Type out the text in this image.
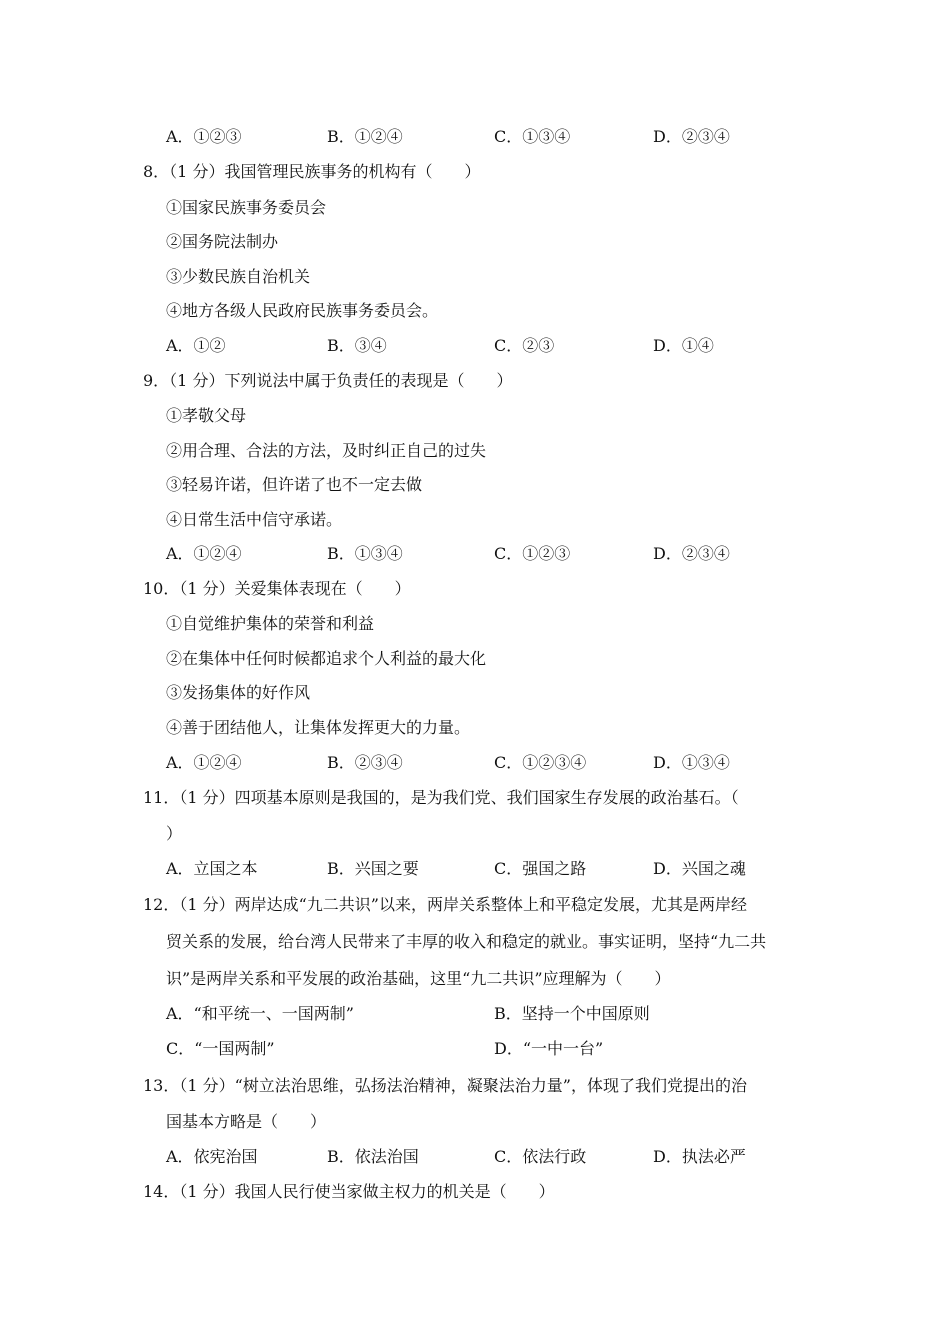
A．①②③	B．①②④	C．①③④	D．②③④
8．（1 分）我国管理民族事务的机构有（　　）
①国家民族事务委员会
②国务院法制办
③少数民族自治机关
④地方各级人民政府民族事务委员会。
A．①②	B．③④	C．②③	D．①④
9．（1 分）下列说法中属于负责任的表现是（　　）
①孝敬父母
②用合理、合法的方法，及时纠正自己的过失
③轻易许诺，但许诺了也不一定去做
④日常生活中信守承诺。
A．①②④	B．①③④	C．①②③	D．②③④
10．（1 分）关爱集体表现在（　　）
①自觉维护集体的荣誉和利益
②在集体中任何时候都追求个人利益的最大化
③发扬集体的好作风
④善于团结他人，让集体发挥更大的力量。
A．①②④	B．②③④	C．①②③④	D．①③④
11．（1 分）四项基本原则是我国的，是为我们党、我们国家生存发展的政治基石。（
）
A．立国之本	B．兴国之要	C．强国之路	D．兴国之魂
12．（1 分）两岸达成“九二共识”以来，两岸关系整体上和平稳定发展，尤其是两岸经
贸关系的发展，给台湾人民带来了丰厚的收入和稳定的就业。事实证明，坚持“九二共
识”是两岸关系和平发展的政治基础，这里“九二共识”应理解为（　　）
A．“和平统一、一国两制”	B．坚持一个中国原则
C．“一国两制”	D．“一中一台”
13．（1 分）“树立法治思维，弘扬法治精神，凝聚法治力量”，体现了我们党提出的治
国基本方略是（　　）
A．依宪治国	B．依法治国	C．依法行政	D．执法必严
14．（1 分）我国人民行使当家做主权力的机关是（　　）
